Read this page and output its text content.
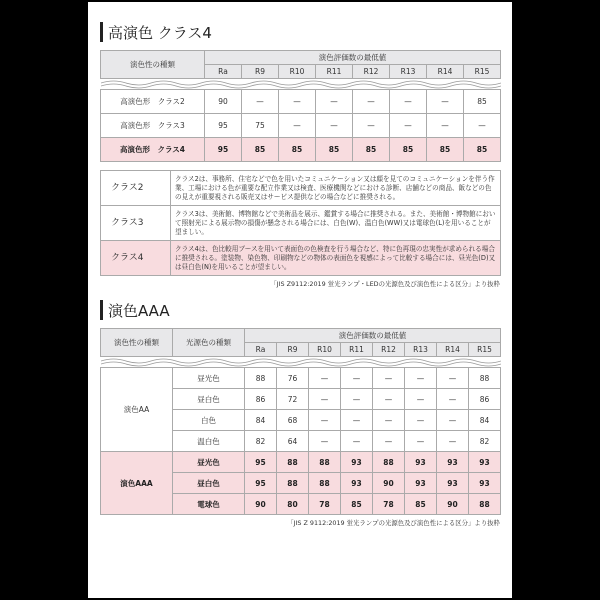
高演色 クラス4
演色性の種類	演色評価数の最低値							
	Ra	R9	R10	R11	R12	R13	R14	R15

高演色形　クラス2	90	—	—	—	—	—	—	85
高演色形　クラス3	95	75	—	—	—	—	—	—
高演色形　クラス4	95	85	85	85	85	85	85	85
クラス2	クラス2は、事務所、住宅などで色を用いたコミュニケーション又は顔を見てのコミュニケーションを伴う作業、工場における色が重要な配立作業又は検査、医療機関などにおける診断、店舗などの商品、飯などの色の見えが重要視される販売又はサービス提供などの場合などに推奨される。
クラス3	クラス3は、美術館、博物館などで美術品を展示、鑑賞する場合に推奨される。また、美術館・博物館において照射光による展示物の損傷が懸念される場合には、白色(W)、温白色(WW)又は電球色(L)を用いることが望ましい。
クラス4	クラス4は、色比較用ブースを用いて表面色の色検査を行う場合など、特に色再現の忠実性が求められる場合に推奨される。塗装物、染色物、印刷物などの物体の表面色を視感によって比較する場合には、昼光色(D)又は昼白色(N)を用いることが望ましい。
「JIS Z9112:2019 蛍光ランプ・LEDの光源色及び演色性による区分」より抜粋
演色AAA
演色性の種類	光源色の種類	演色評価数の最低値							
		Ra	R9	R10	R11	R12	R13	R14	R15

演色AA	昼光色	88	76	—	—	—	—	—	88
	昼白色	86	72	—	—	—	—	—	86
	白色	84	68	—	—	—	—	—	84
	温白色	82	64	—	—	—	—	—	82
演色AAA	昼光色	95	88	88	93	88	93	93	93
	昼白色	95	88	88	93	90	93	93	93
	電球色	90	80	78	85	78	85	90	88
「JIS Z 9112:2019 蛍光ランプの光源色及び演色性による区分」より抜粋
